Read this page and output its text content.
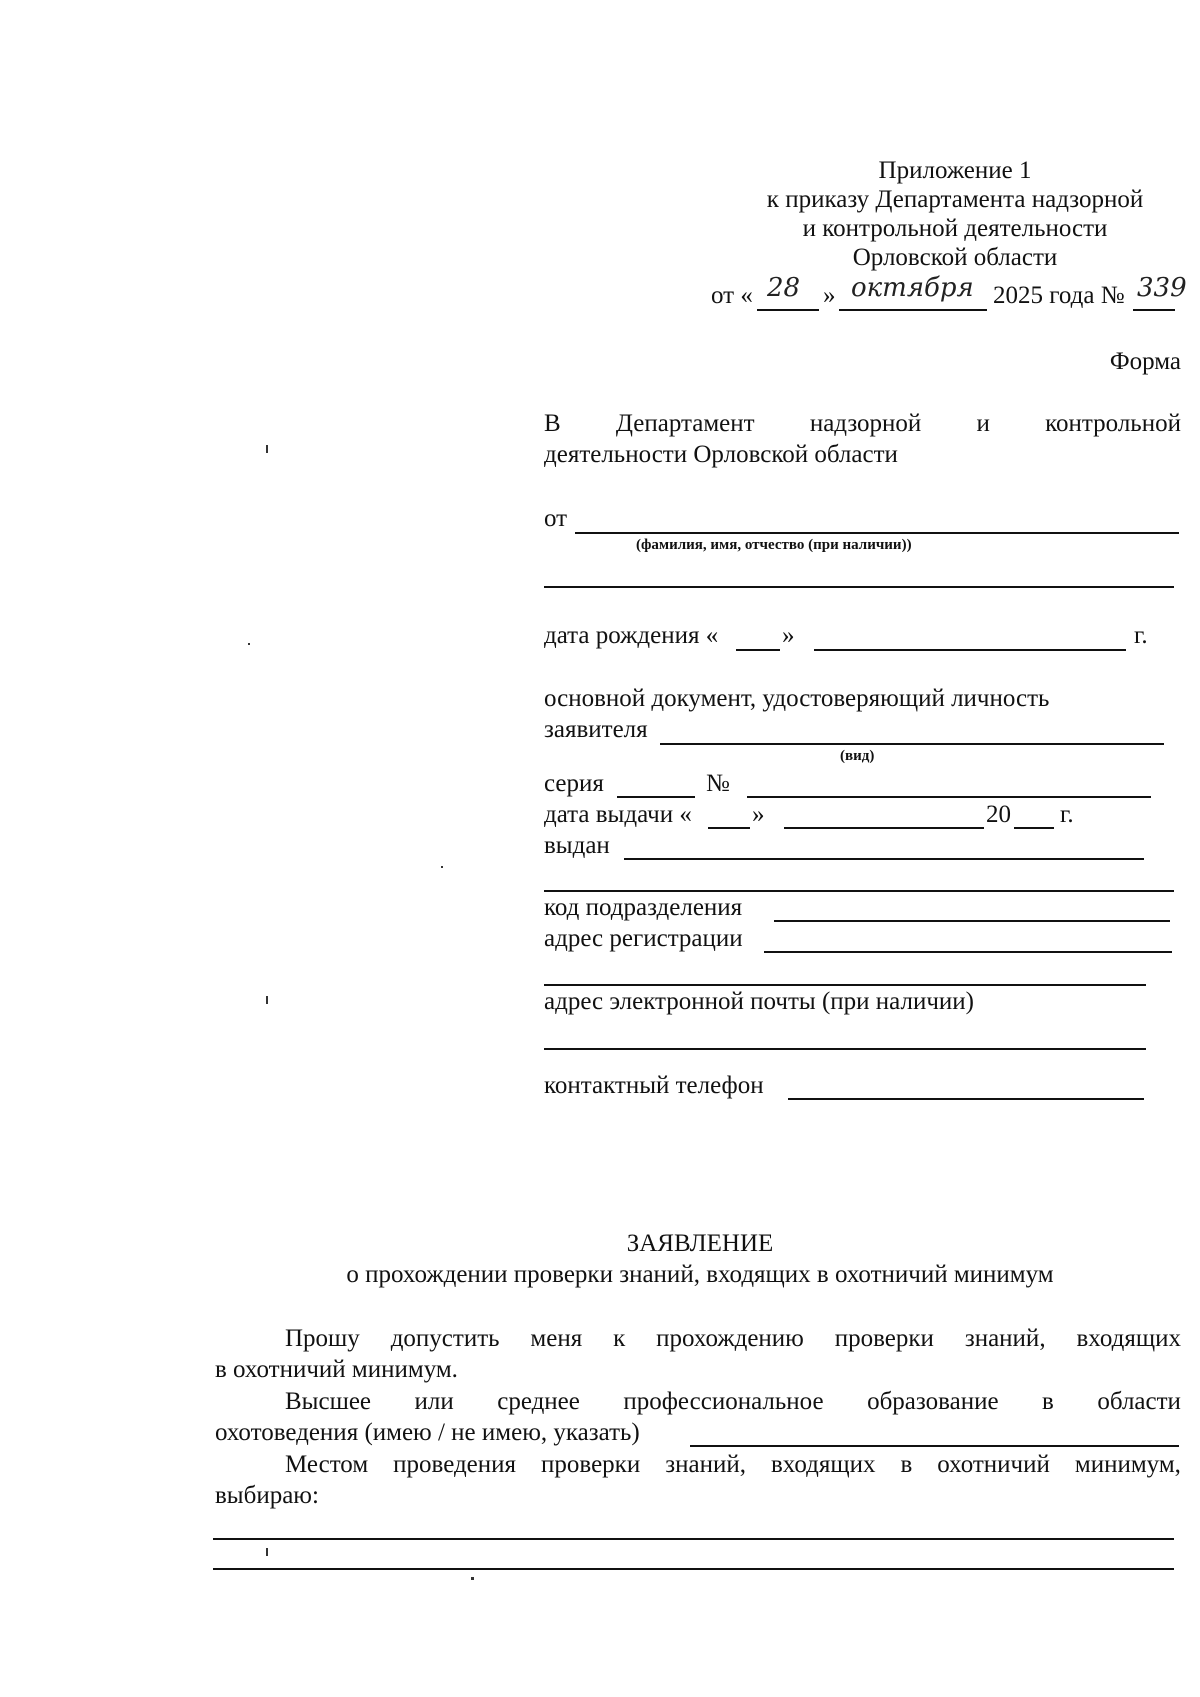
Приложение 1
к приказу Департамента надзорной
и контрольной деятельности
Орловской области
от « 28 » октября 2025 года № 339
Форма
В Департамент надзорной и контрольной
деятельности Орловской области
от
(фамилия, имя, отчество (при наличии))
дата рождения «	»	г.
основной документ, удостоверяющий личность
заявителя
(вид)
серия	№
дата выдачи « »	20 г.
выдан
код подразделения
адрес регистрации
адрес электронной почты (при наличии)
контактный телефон
ЗАЯВЛЕНИЕ
о прохождении проверки знаний, входящих в охотничий минимум
Прошу допустить меня к прохождению проверки знаний, входящих
в охотничий минимум.
Высшее или среднее профессиональное образование в области
охотоведения (имею / не имею, указать)
Местом проведения проверки знаний, входящих в охотничий минимум,
выбираю:
